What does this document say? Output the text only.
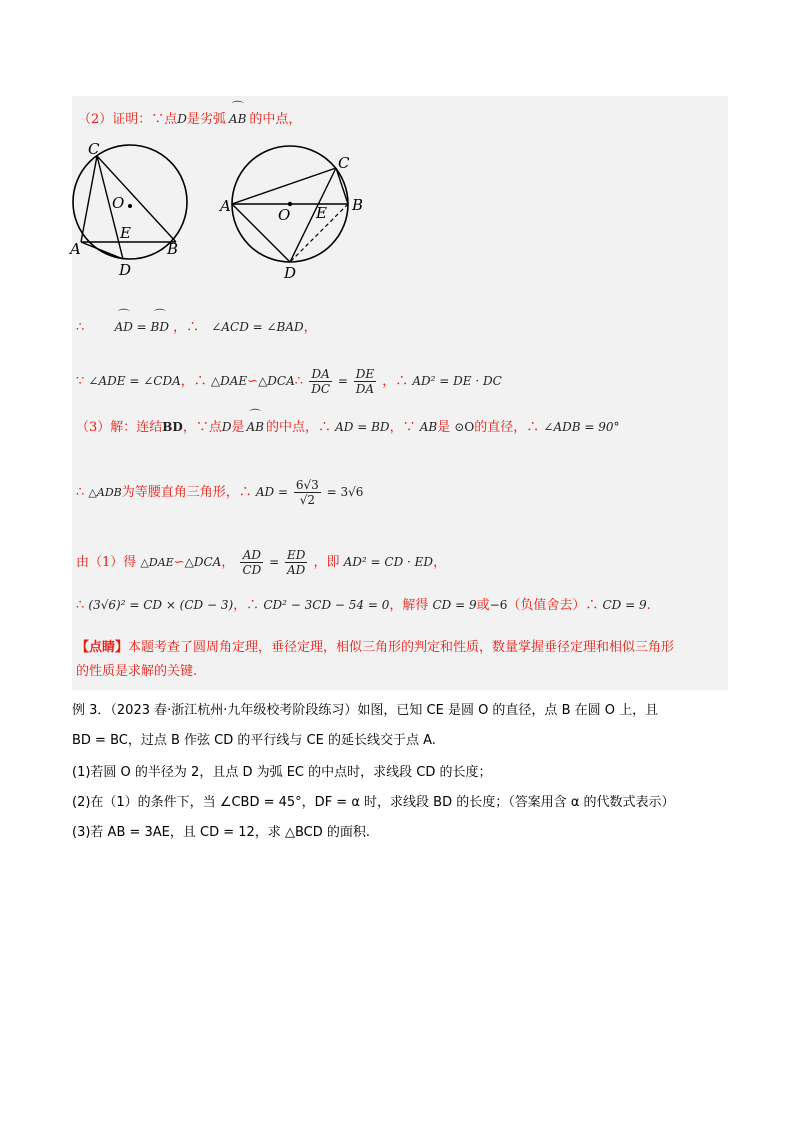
（2）证明：∵点D是劣弧 ⌒ AB 的中点，
C
O
E
A	B
D
C
A	O E B
D
∴	⌒ AD = ⌒ BD ，∴ ∠ACD = ∠BAD，
∵ ∠ADE = ∠CDA，∴ △DAE∽△DCA∴ $\frac{DA}{DC} = \frac{DE}{DA}$ ，∴ AD² = DE · DC
（3）解：连结BD，∵点D是 ⌒ AB 的中点，∴ AD = BD，∵ AB是 ⊙O的直径，∴ ∠ADB = 90°
∴ △ADB为等腰直角三角形，∴ AD = $\frac{6√3}{√2} = 3√6$
由（1）得 △DAE∽△DCA， $\frac{AD}{CD} = \frac{ED}{AD}$ ，即 AD² = CD · ED，
∴ (3√6)² = CD × (CD − 3)，∴ CD² − 3CD − 54 = 0，解得 CD = 9或−6（负值舍去）∴ CD = 9.
【点睛】本题考查了圆周角定理，垂径定理，相似三角形的判定和性质，数量掌握垂径定理和相似三角形
的性质是求解的关键.
例 3．（2023 春·浙江杭州·九年级校考阶段练习）如图，已知 CE 是圆 O 的直径，点 B 在圆 O 上，且
BD = BC，过点 B 作弦 CD 的平行线与 CE 的延长线交于点 A.
(1)若圆 O 的半径为 2，且点 D 为弧 EC 的中点时，求线段 CD 的长度；
(2)在（1）的条件下，当 ∠CBD = 45°，DF = α 时，求线段 BD 的长度；（答案用含 α 的代数式表示）
(3)若 AB = 3AE，且 CD = 12，求 △BCD 的面积.
